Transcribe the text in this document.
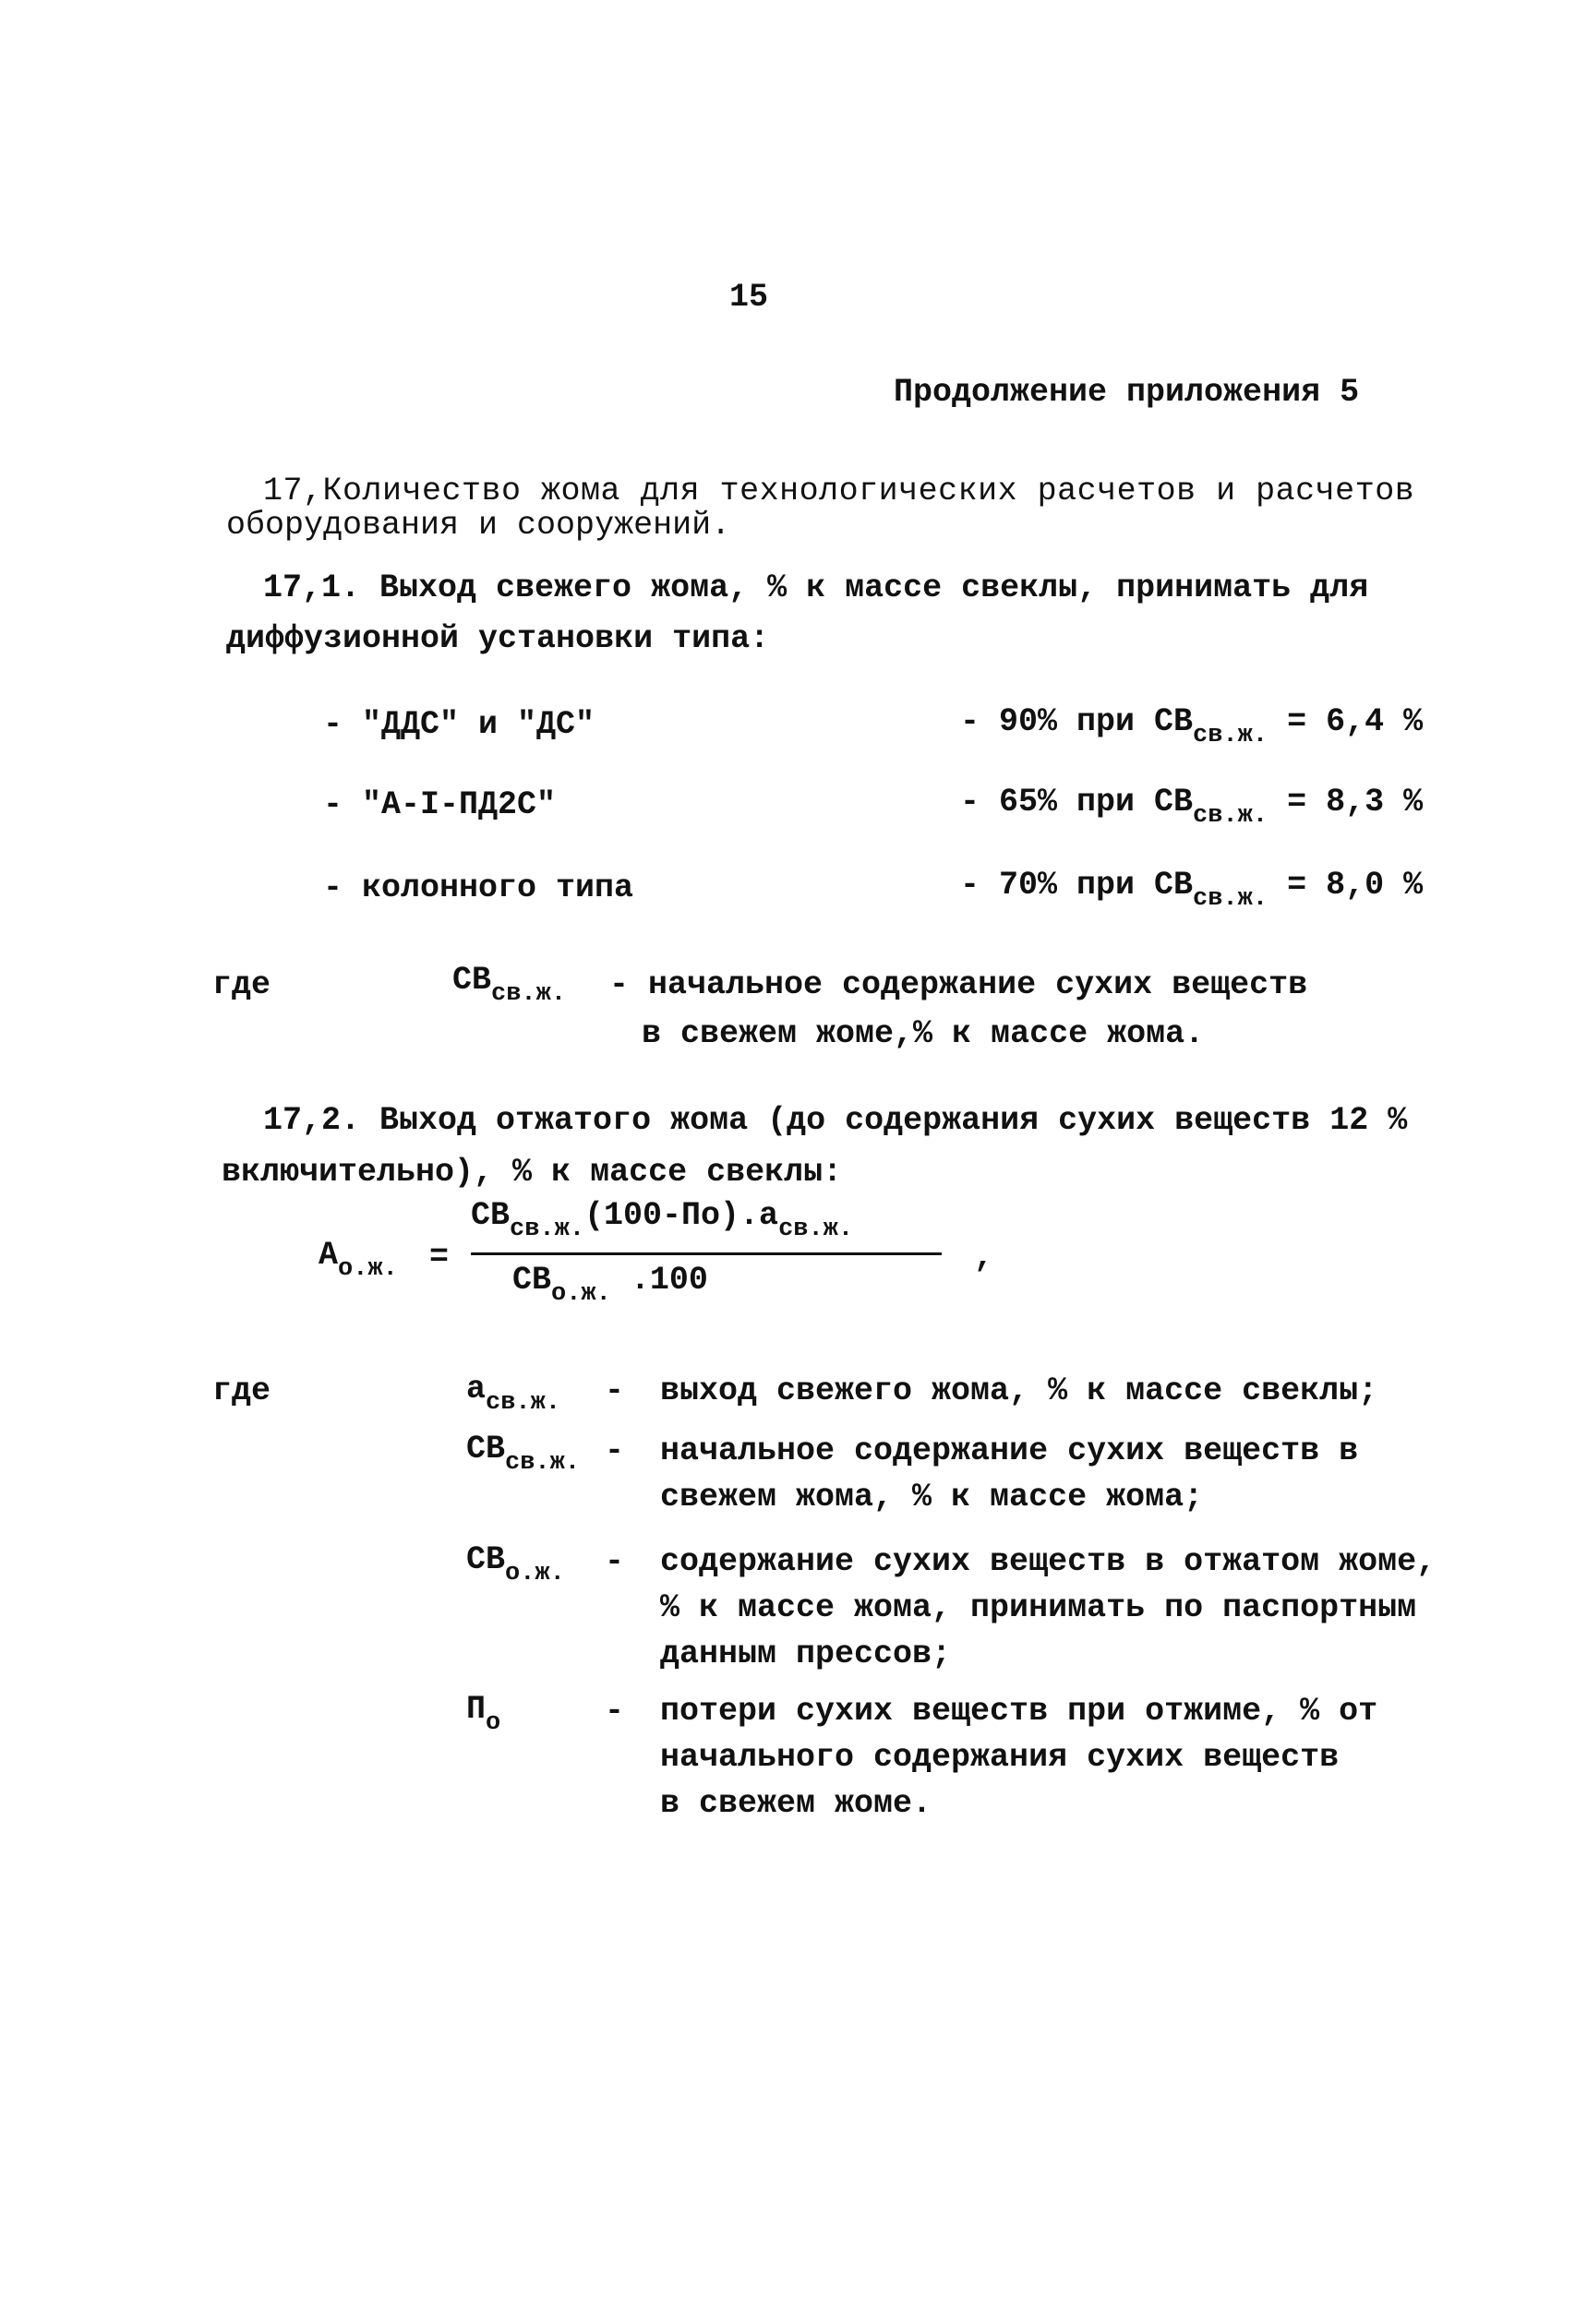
15
Продолжение приложения 5
17,Количество жома для технологических расчетов и расчетов
оборудования и сооружений.
17,1. Выход свежего жома, % к массе свеклы, принимать для
диффузионной установки типа:
- "ДДС" и "ДС"	- 90% при $СВ_{св.ж.} = 6,4$ %
- "А-I-ПД2С"	- 65% при $СВ_{св.ж.} = 8,3$ %
- колонного типа	- 70% при $СВ_{св.ж.} = 8,0$ %
где	$СВ_{св.ж.}$ - начальное содержание сухих веществ
в свежем жоме,% к массе жома.
17,2. Выход отжатого жома (до содержания сухих веществ 12 %
включительно), % к массе свеклы:
$А_{о.ж.}$ =
$СВ_{св.ж.}(100-По).а_{св.ж.}$
$СВ_{о.ж.}$ .100
,
где	$а_{св.ж.}$ - выход свежего жома, % к массе свеклы;
$СВ_{св.ж.}$ - начальное содержание сухих веществ в
свежем жома, % к массе жома;
$СВ_{о.ж.}$ - содержание сухих веществ в отжатом жоме,
% к массе жома, принимать по паспортным
данным прессов;
$П_о$	- потери сухих веществ при отжиме, % от
начального содержания сухих веществ
в свежем жоме.
